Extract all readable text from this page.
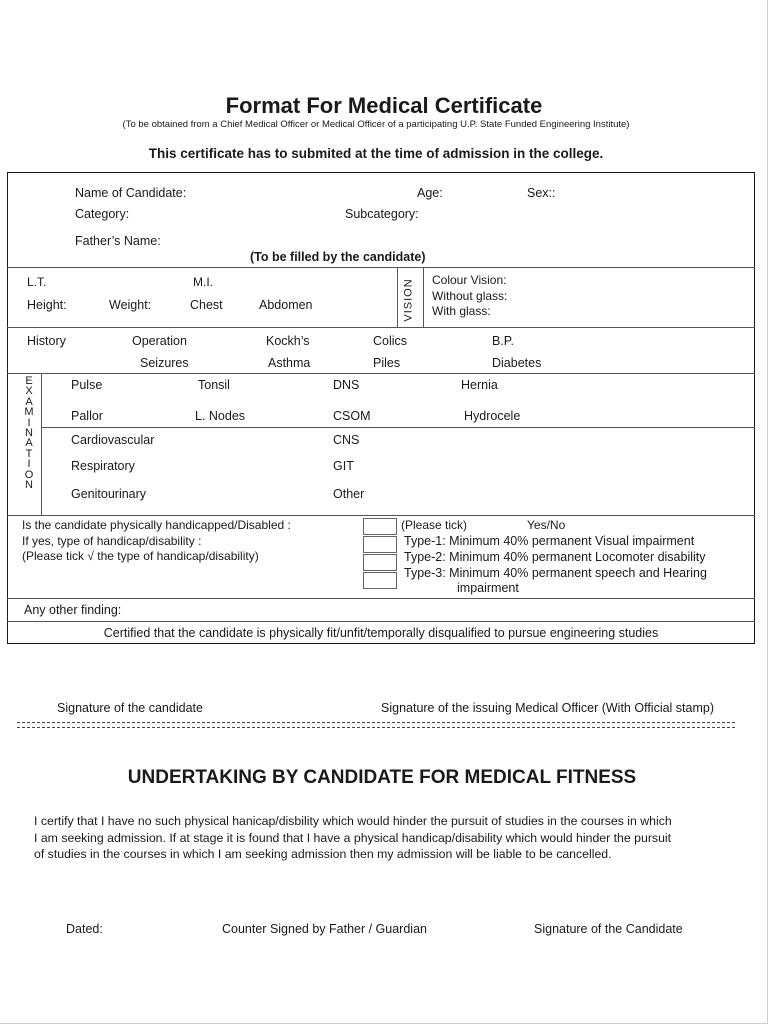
Format For Medical Certificate
(To be obtained from a Chief Medical Officer or Medical Officer of a participating U.P. State Funded Engineering Institute)
This certificate has to submited at the time of admission in the college.
Name of Candidate:	Age:	Sex::
Category:	Subcategory:
Father’s Name:
(To be filled by the candidate)
L.T.	M.I.
Height:	Weight:	Chest	Abdomen	VISION Colour Vision:
Without glass:
With glass:
History	Operation	Kockh’s	Colics	B.P.
Seizures	Asthma	Piles	Diabetes
E
X
A
M
I
N
A
T
I
O
N
Pulse	Tonsil	DNS	Hernia
Pallor	L. Nodes	CSOM	Hydrocele
Cardiovascular	CNS
Respiratory	GIT
Genitourinary	Other
Is the candidate physically handicapped/Disabled :
If yes, type of handicap/disability :
(Please tick √ the type of handicap/disability)
(Please tick)	Yes/No
Type-1: Minimum 40% permanent Visual impairment
Type-2: Minimum 40% permanent Locomoter disability
Type-3: Minimum 40% permanent speech and Hearing
impairment
Any other finding:
Certified that the candidate is physically fit/unfit/temporally disqualified to pursue engineering studies
Signature of the candidate	Signature of the issuing Medical Officer (With Official stamp)
UNDERTAKING BY CANDIDATE FOR MEDICAL FITNESS
I certify that I have no such physical hanicap/disbility which would hinder the pursuit of studies in the courses in which
I am seeking admission. If at stage it is found that I have a physical handicap/disability which would hinder the pursuit
of studies in the courses in which I am seeking admission then my admission will be liable to be cancelled.
Dated:	Counter Signed by Father / Guardian	Signature of the Candidate
